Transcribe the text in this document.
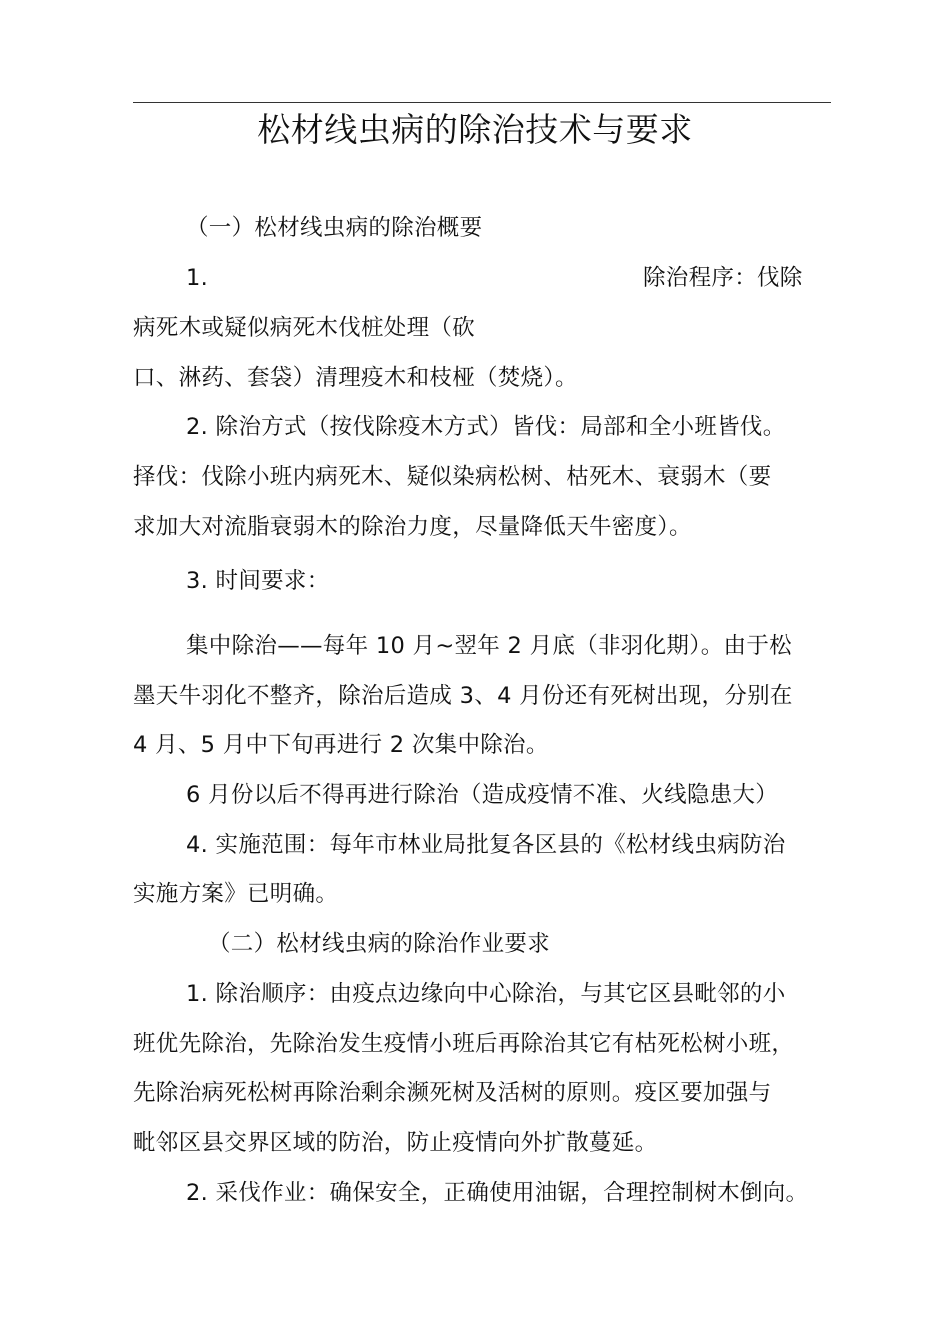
松材线虫病的除治技术与要求
（一）松材线虫病的除治概要
1.	除治程序：伐除
病死木或疑似病死木伐桩处理（砍
口、淋药、套袋）清理疫木和枝桠（焚烧）。
2. 除治方式（按伐除疫木方式）皆伐：局部和全小班皆伐。
择伐：伐除小班内病死木、疑似染病松树、枯死木、衰弱木（要
求加大对流脂衰弱木的除治力度，尽量降低天牛密度）。
3. 时间要求：
集中除治——每年 10 月~翌年 2 月底（非羽化期）。由于松
墨天牛羽化不整齐，除治后造成 3、4 月份还有死树出现，分别在
4 月、5 月中下旬再进行 2 次集中除治。
6 月份以后不得再进行除治（造成疫情不准、火线隐患大）
4. 实施范围：每年市林业局批复各区县的《松材线虫病防治
实施方案》已明确。
（二）松材线虫病的除治作业要求
1. 除治顺序：由疫点边缘向中心除治，与其它区县毗邻的小
班优先除治，先除治发生疫情小班后再除治其它有枯死松树小班，
先除治病死松树再除治剩余濒死树及活树的原则。疫区要加强与
毗邻区县交界区域的防治，防止疫情向外扩散蔓延。
2. 采伐作业：确保安全，正确使用油锯，合理控制树木倒向。
